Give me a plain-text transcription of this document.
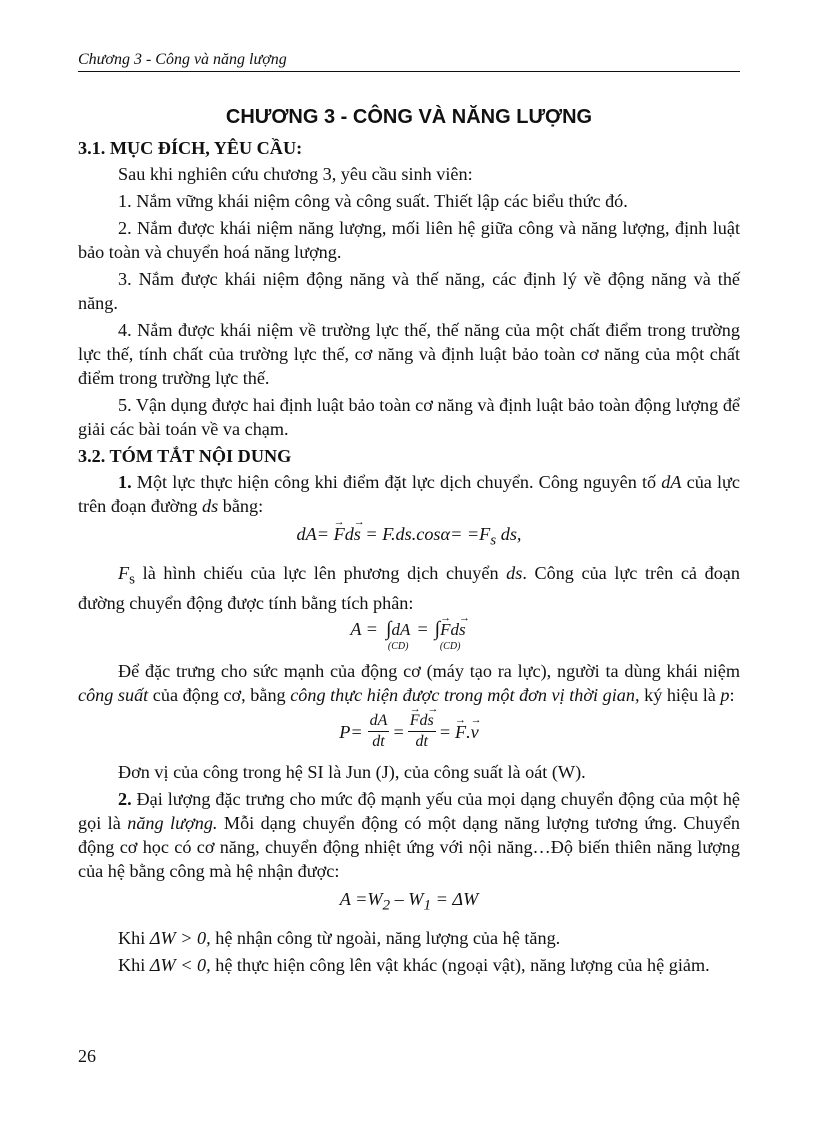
Chương 3 - Công và năng lượng
CHƯƠNG 3 - CÔNG VÀ NĂNG LƯỢNG
3.1. MỤC ĐÍCH, YÊU CẦU:

Sau khi nghiên cứu chương 3, yêu cầu sinh viên:

1. Nắm vững khái niệm công và công suất. Thiết lập các biểu thức đó.

2. Nắm được khái niệm năng lượng, mối liên hệ giữa công và năng lượng, định luật bảo toàn và chuyển hoá năng lượng.

3. Nắm được khái niệm động năng và thế năng, các định lý về động năng và thế năng.

4. Nắm được khái niệm về trường lực thế, thế năng của một chất điểm trong trường lực thế, tính chất của trường lực thế, cơ năng và định luật bảo toàn cơ năng của một chất điểm trong trường lực thế.

5. Vận dụng được hai định luật bảo toàn cơ năng và định luật bảo toàn động lượng để giải các bài toán về va chạm.

3.2. TÓM TẮT NỘI DUNG

1. Một lực thực hiện công khi điểm đặt lực dịch chuyển. Công nguyên tố dA của lực trên đoạn đường ds bằng:

$dA= \to Fd\to s = F.ds.\cos\alpha= =F_s$ ds,

$F_s$ là hình chiếu của lực lên phương dịch chuyển ds. Công của lực trên cả đoạn đường chuyển động được tính bằng tích phân:

A = ∫dA
(CD)
= ∫→ Fd→ s
(CD)

Để đặc trưng cho sức mạnh của động cơ (máy tạo ra lực), người ta dùng khái niệm công suất của động cơ, bằng công thực hiện được trong một đơn vị thời gian, ký hiệu là p:

$P= \frac{dA}{dt}$ = → $\frac{Fd\to s}{dt}$ = → F . → v

Đơn vị của công trong hệ SI là Jun (J), của công suất là oát (W).

2. Đại lượng đặc trưng cho mức độ mạnh yếu của mọi dạng chuyển động của một hệ gọi là năng lượng. Mỗi dạng chuyển động có một dạng năng lượng tương ứng. Chuyển động cơ học có cơ năng, chuyển động nhiệt ứng với nội năng…Độ biến thiên năng lượng của hệ bằng công mà hệ nhận được:

$A =W_2 - W_1 = \Delta W$

Khi ΔW > 0, hệ nhận công từ ngoài, năng lượng của hệ tăng.

Khi ΔW < 0, hệ thực hiện công lên vật khác (ngoại vật), năng lượng của hệ giảm.

26
